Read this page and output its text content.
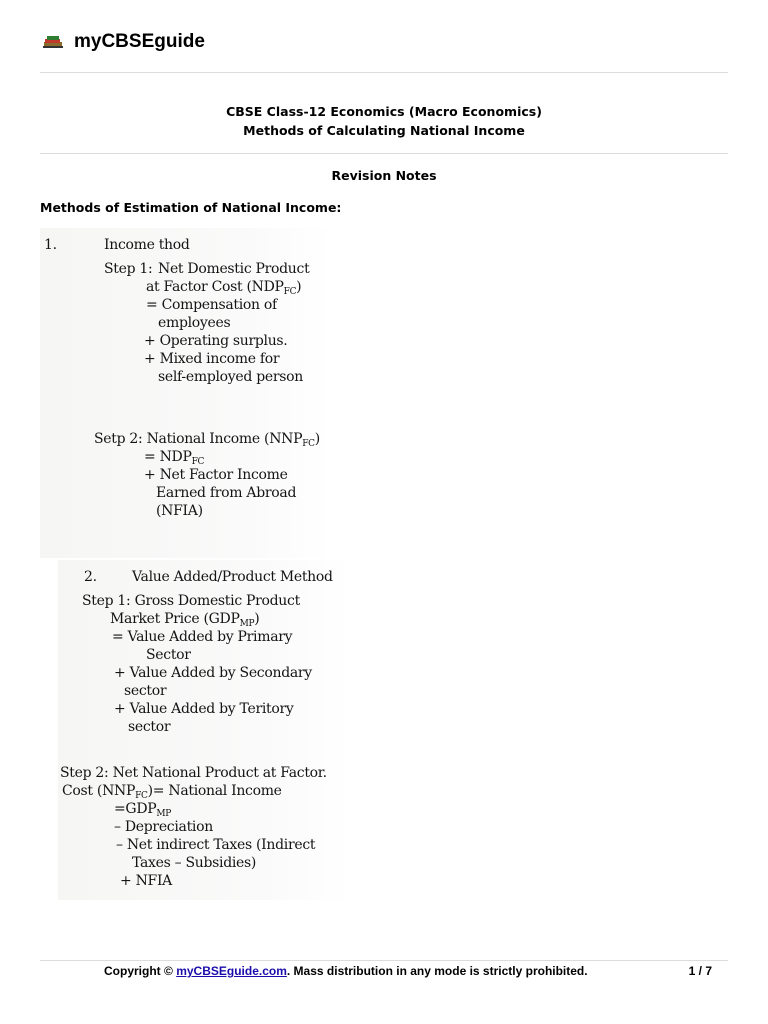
myCBSEguide
CBSE Class-12 Economics (Macro Economics)
Methods of Calculating National Income
Revision Notes
Methods of Estimation of National Income:
1.	Income thod
Step 1: Net Domestic Product
at Factor Cost $(NDP_{FC})$
= Compensation of
employees
+ Operating surplus.
+ Mixed income for
self-employed person
Setp 2: National Income $(NNP_{FC})$
= $NDP_{FC}$
+ Net Factor Income
Earned from Abroad
(NFIA)
2.	Value Added/Product Method
Step 1: Gross Domestic Product
Market Price $(GDP_{MP})$
= Value Added by Primary
Sector
+ Value Added by Secondary
sector
+ Value Added by Teritory
sector
Step 2: Net National Product at Factor.
Cost $(NNP_{FC})=$ National Income
$=GDP_{MP}$
– Depreciation
– Net indirect Taxes (Indirect
Taxes – Subsidies)
+ NFIA
Copyright © myCBSEguide.com. Mass distribution in any mode is strictly prohibited.	1 / 7
